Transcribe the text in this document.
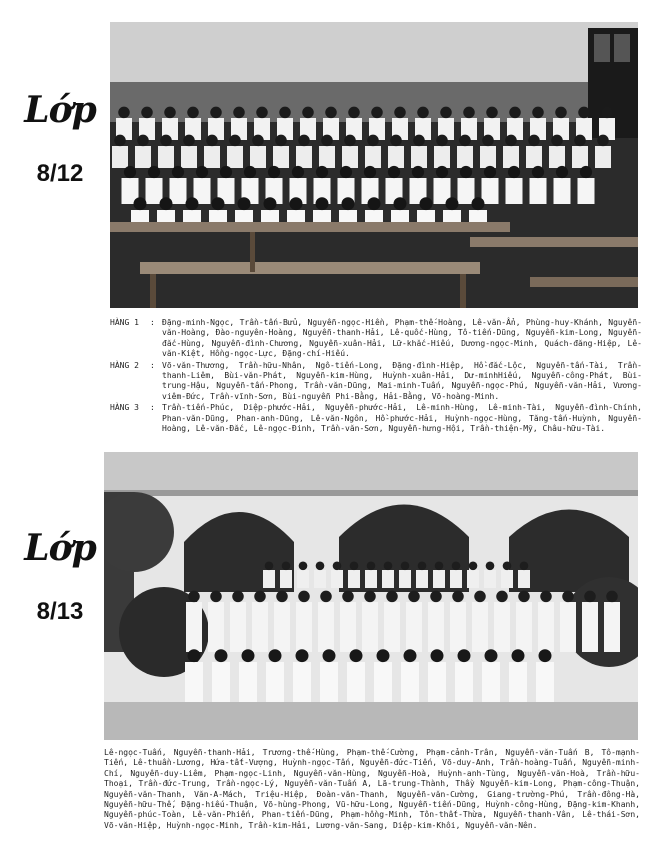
Lớp
8/12
HÀNG 1	: Đặng-minh-Ngọc, Trần-tấn-Bửu, Nguyễn-ngọc-Hiền, Phạm-thế-Hoàng, Lê-văn-Ẩn, Phùng-huy-Khánh, Nguyễn-văn-Hoàng, Đào-nguyên-Hoàng, Nguyễn-thanh-Hải, Lê-quốc-Hùng, Tô-tiến-Dũng, Nguyễn-kim-Long, Nguyễn-đắc-Hùng, Nguyễn-đình-Chương, Nguyễn-xuân-Hải, Lữ-khắc-Hiếu, Dương-ngọc-Minh, Quách-đăng-Hiệp, Lê-văn-Kiệt, Hồng-ngọc-Lực, Đặng-chí-Hiếu.
HÀNG 2	: Võ-văn-Thương, Trần-hữu-Nhân, Ngô-tiến-Long, Đặng-đình-Hiệp, Hồ-đắc-Lộc, Nguyễn-tấn-Tài, Trần-thanh-Liêm, Bùi-văn-Phát, Nguyễn-kim-Hùng, Huỳnh-xuân-Hải, Dư-minhHiếu, Nguyễn-công-Phát, Bùi-trung-Hậu, Nguyễn-tấn-Phong, Trần-văn-Dũng, Mai-minh-Tuấn, Nguyễn-ngọc-Phú, Nguyễn-văn-Hải, Vương-viêm-Đức, Trần-vĩnh-Sơn, Bùi-nguyễn Phi-Bằng, Hải-Bằng, Võ-hoàng-Minh.
HÀNG 3	: Trần-tiến-Phúc, Diệp-phước-Hải, Nguyễn-phước-Hải, Lê-minh-Hùng, Lê-minh-Tài, Nguyễn-đình-Chính, Phan-văn-Dũng, Phan-anh-Dũng, Lê-văn-Ngôn, Hồ-phước-Hải, Huỳnh-ngọc-Hùng, Tăng-tấn-Huỳnh, Nguyễn-Hoàng, Lê-văn-Đắc, Lê-ngọc-Đinh, Trần-văn-Sơn, Nguyễn-hưng-Hội, Trần-thiện-Mỹ, Châu-hữu-Tài.
Lớp
8/13
Lê-ngọc-Tuấn, Nguyễn-thanh-Hải, Trương-thế-Hùng, Phạm-thế-Cường, Phạm-cảnh-Trân, Nguyễn-văn-Tuấn B, Tô-mạnh-Tiến, Lê-thuần-Lương, Hứa-tất-Vượng, Huỳnh-ngọc-Tấn, Nguyễn-đức-Tiến, Võ-duy-Anh, Trần-hoàng-Tuấn, Nguyễn-minh-Chí, Nguyễn-duy-Liêm, Phạm-ngọc-Linh, Nguyễn-văn-Hùng, Nguyễn-Hoà, Huỳnh-anh-Tùng, Nguyễn-văn-Hoà, Trần-hữu-Thoại, Trần-đức-Trung, Trần-ngọc-Lý, Nguyễn-văn-Tuấn A, Lã-trung-Thành, Thầy Nguyễn-kim-Long, Phạm-công-Thuận, Nguyễn-văn-Thanh, Văn-A-Mách, Triệu-Hiệp, Đoàn-văn-Thanh, Nguyễn-văn-Cường, Giang-trường-Phú, Trần-đông-Hà, Nguyễn-hữu-Thế, Đặng-hiếu-Thuận, Võ-hùng-Phong, Vũ-hữu-Long, Nguyễn-tiến-Dũng, Huỳnh-công-Hùng, Đặng-kim-Khanh, Nguyễn-phúc-Toàn, Lê-văn-Phiến, Phan-tiến-Dũng, Phạm-hồng-Minh, Tôn-thất-Thừa, Nguyễn-thanh-Vân, Lê-thái-Sơn, Võ-văn-Hiệp, Huỳnh-ngọc-Minh, Trần-kim-Hải, Lương-văn-Sang, Diệp-kim-Khôi, Nguyễn-văn-Nên.
